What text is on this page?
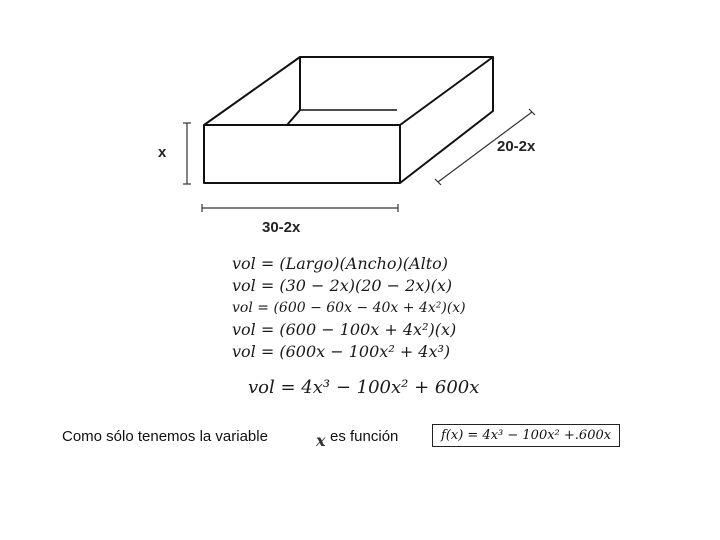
x	20-2x
30-2x
vol = (Largo)(Ancho)(Alto)
vol = (30 − 2x)(20 − 2x)(x)
vol = (600 − 60x − 40x + 4x²)(x)
vol = (600 − 100x + 4x²)(x)
vol = (600x − 100x² + 4x³)
vol = 4x³ − 100x² + 600x
Como sólo tenemos la variable	x es función	f(x) = 4x³ − 100x² +.600x
